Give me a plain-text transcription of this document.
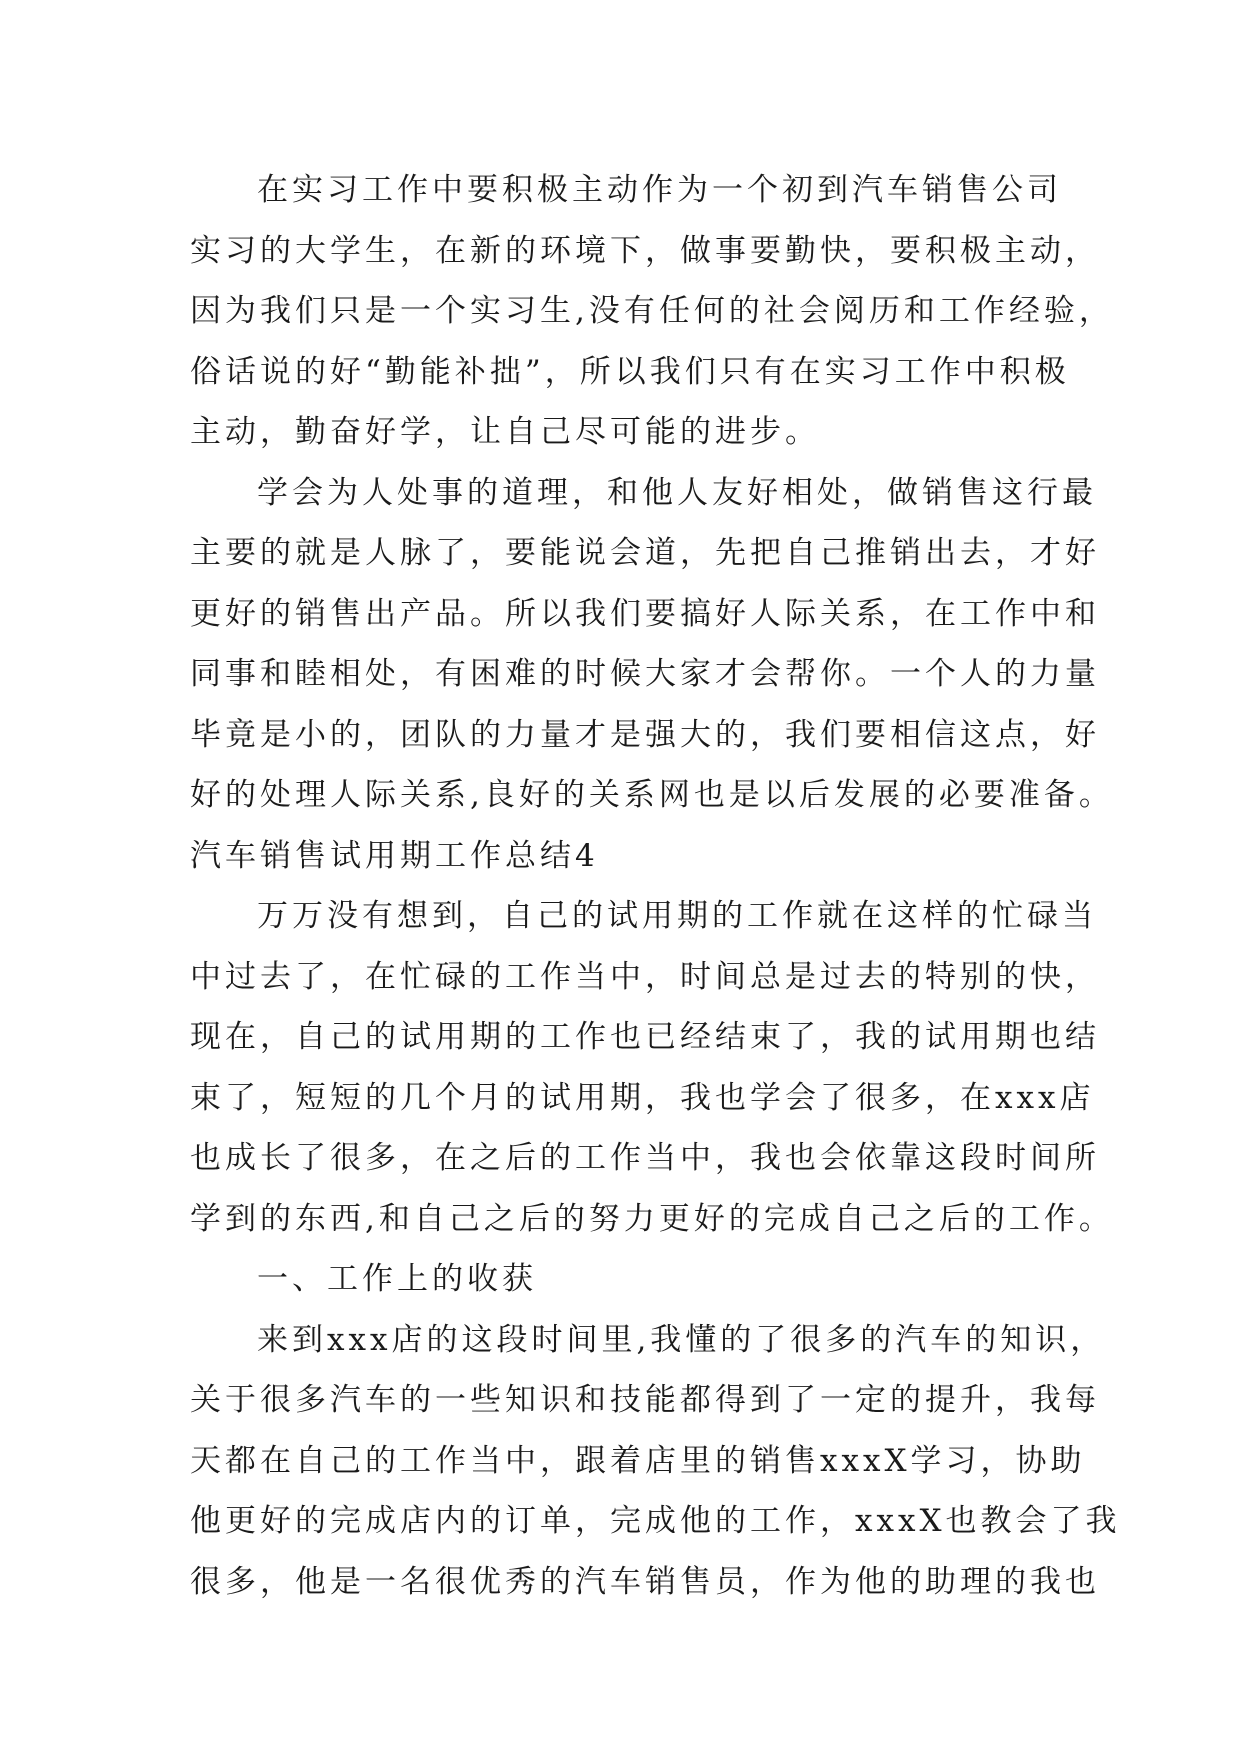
在实习工作中要积极主动作为一个初到汽车销售公司
实习的大学生，在新的环境下，做事要勤快，要积极主动，
因为我们只是一个实习生,没有任何的社会阅历和工作经验，
俗话说的好“勤能补拙”，所以我们只有在实习工作中积极
主动，勤奋好学，让自己尽可能的进步。
学会为人处事的道理，和他人友好相处，做销售这行最
主要的就是人脉了，要能说会道，先把自己推销出去，才好
更好的销售出产品。所以我们要搞好人际关系，在工作中和
同事和睦相处，有困难的时候大家才会帮你。一个人的力量
毕竟是小的，团队的力量才是强大的，我们要相信这点，好
好的处理人际关系,良好的关系网也是以后发展的必要准备。
汽车销售试用期工作总结4
万万没有想到，自己的试用期的工作就在这样的忙碌当
中过去了，在忙碌的工作当中，时间总是过去的特别的快，
现在，自己的试用期的工作也已经结束了，我的试用期也结
束了，短短的几个月的试用期，我也学会了很多，在xxx店
也成长了很多，在之后的工作当中，我也会依靠这段时间所
学到的东西,和自己之后的努力更好的完成自己之后的工作。
一、工作上的收获
来到xxx店的这段时间里,我懂的了很多的汽车的知识，
关于很多汽车的一些知识和技能都得到了一定的提升，我每
天都在自己的工作当中，跟着店里的销售xxxX学习，协助
他更好的完成店内的订单，完成他的工作，xxxX也教会了我
很多，他是一名很优秀的汽车销售员，作为他的助理的我也
